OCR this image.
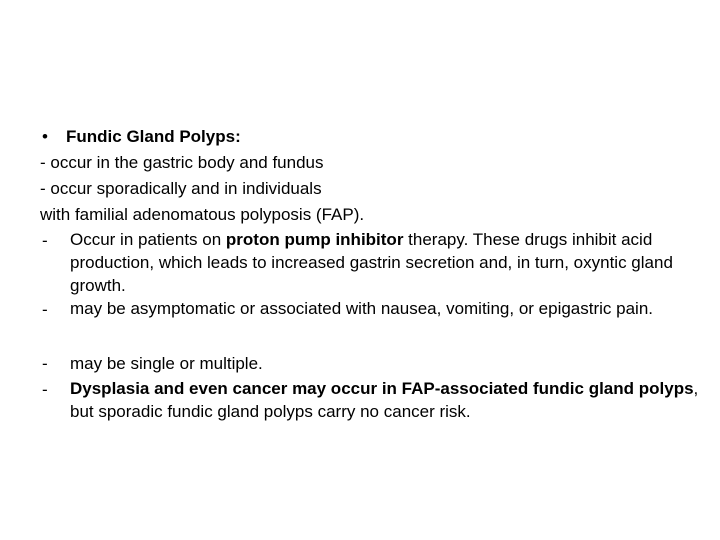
•	Fundic Gland Polyps:
- occur in the gastric body and fundus
- occur sporadically and in individuals
with familial adenomatous polyposis (FAP).
-	Occur in patients on proton pump inhibitor therapy. These drugs inhibit acid production, which leads to increased gastrin secretion and, in turn, oxyntic gland growth.
-	may be asymptomatic or associated with nausea, vomiting, or epigastric pain.
-	may be single or multiple.
-	Dysplasia and even cancer may occur in FAP-associated fundic gland polyps, but sporadic fundic gland polyps carry no cancer risk.
